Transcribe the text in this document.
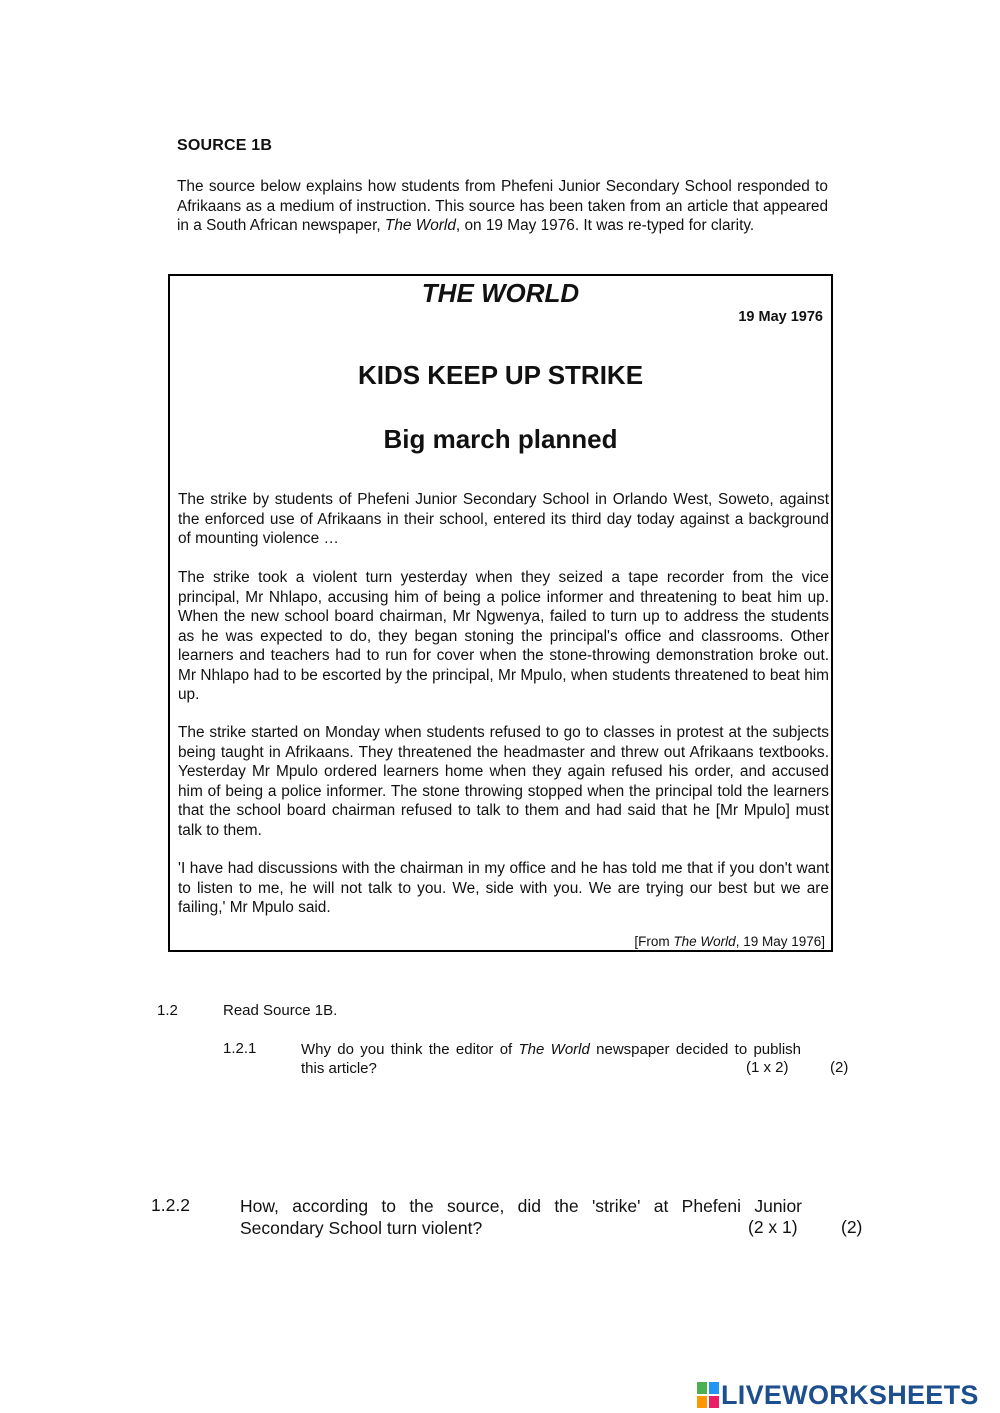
SOURCE 1B
The source below explains how students from Phefeni Junior Secondary School responded to Afrikaans as a medium of instruction. This source has been taken from an article that appeared in a South African newspaper, The World, on 19 May 1976. It was re-typed for clarity.
THE WORLD
19 May 1976
KIDS KEEP UP STRIKE
Big march planned
The strike by students of Phefeni Junior Secondary School in Orlando West, Soweto, against the enforced use of Afrikaans in their school, entered its third day today against a background of mounting violence …
The strike took a violent turn yesterday when they seized a tape recorder from the vice principal, Mr Nhlapo, accusing him of being a police informer and threatening to beat him up. When the new school board chairman, Mr Ngwenya, failed to turn up to address the students as he was expected to do, they began stoning the principal's office and classrooms. Other learners and teachers had to run for cover when the stone-throwing demonstration broke out. Mr Nhlapo had to be escorted by the principal, Mr Mpulo, when students threatened to beat him up.
The strike started on Monday when students refused to go to classes in protest at the subjects being taught in Afrikaans. They threatened the headmaster and threw out Afrikaans textbooks. Yesterday Mr Mpulo ordered learners home when they again refused his order, and accused him of being a police informer. The stone throwing stopped when the principal told the learners that the school board chairman refused to talk to them and had said that he [Mr Mpulo] must talk to them.
'I have had discussions with the chairman in my office and he has told me that if you don't want to listen to me, he will not talk to you. We, side with you. We are trying our best but we are failing,' Mr Mpulo said.
[From The World, 19 May 1976]
1.2	Read Source 1B.
1.2.1	Why do you think the editor of The World newspaper decided to publish this article?	(1 x 2)	(2)
1.2.2	How, according to the source, did the 'strike' at Phefeni Junior Secondary School turn violent?	(2 x 1) (2)
LIVEWORKSHEETS
